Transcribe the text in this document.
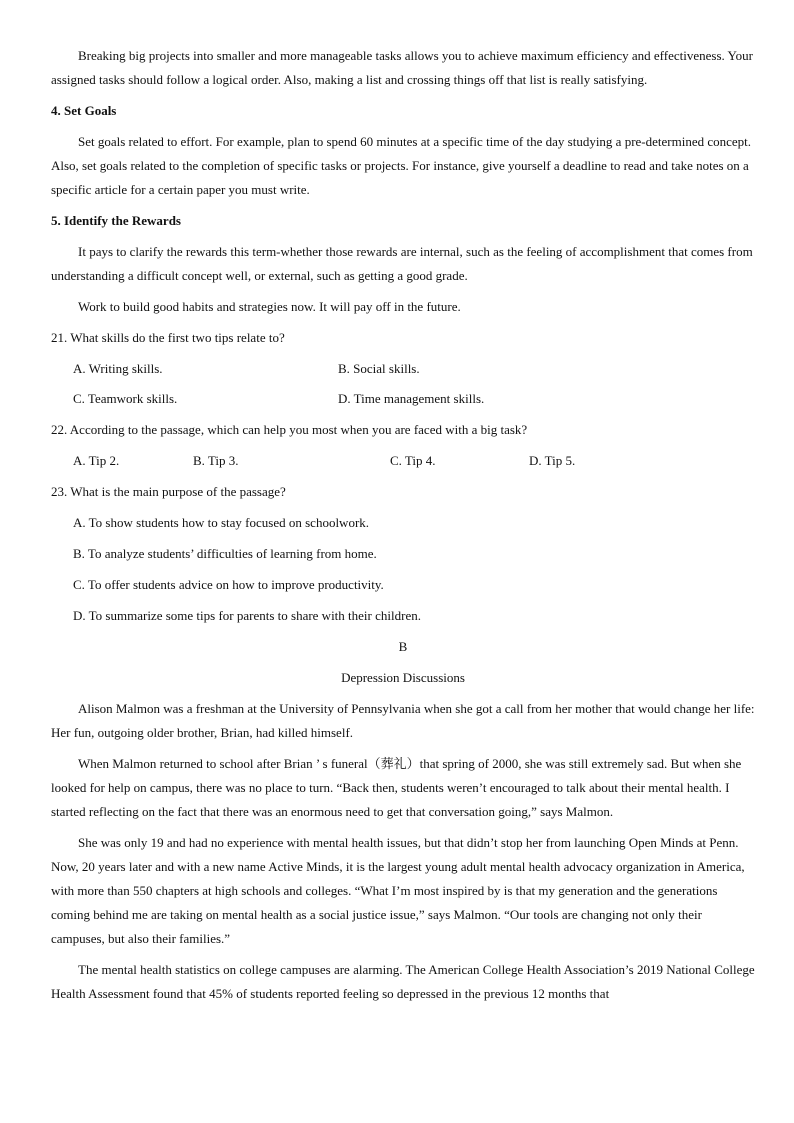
Breaking big projects into smaller and more manageable tasks allows you to achieve maximum efficiency and effectiveness. Your assigned tasks should follow a logical order. Also, making a list and crossing things off that list is really satisfying.

4. Set Goals

Set goals related to effort. For example, plan to spend 60 minutes at a specific time of the day studying a pre-determined concept. Also, set goals related to the completion of specific tasks or projects. For instance, give yourself a deadline to read and take notes on a specific article for a certain paper you must write.

5. Identify the Rewards

It pays to clarify the rewards this term-whether those rewards are internal, such as the feeling of accomplishment that comes from understanding a difficult concept well, or external, such as getting a good grade.

Work to build good habits and strategies now. It will pay off in the future.

21. What skills do the first two tips relate to?
A. Writing skills.	B. Social skills.
C. Teamwork skills.	D. Time management skills.
22. According to the passage, which can help you most when you are faced with a big task?
A. Tip 2.	B. Tip 3.	C. Tip 4.	D. Tip 5.
23. What is the main purpose of the passage?
A. To show students how to stay focused on schoolwork.
B. To analyze students’ difficulties of learning from home.
C. To offer students advice on how to improve productivity.
D. To summarize some tips for parents to share with their children.
B
Depression Discussions

Alison Malmon was a freshman at the University of Pennsylvania when she got a call from her mother that would change her life: Her fun, outgoing older brother, Brian, had killed himself.

When Malmon returned to school after Brian ’ s funeral（葬礼）that spring of 2000, she was still extremely sad. But when she looked for help on campus, there was no place to turn. “Back then, students weren’t encouraged to talk about their mental health. I started reflecting on the fact that there was an enormous need to get that conversation going,” says Malmon.

She was only 19 and had no experience with mental health issues, but that didn’t stop her from launching Open Minds at Penn. Now, 20 years later and with a new name Active Minds, it is the largest young adult mental health advocacy organization in America, with more than 550 chapters at high schools and colleges. “What I’m most inspired by is that my generation and the generations coming behind me are taking on mental health as a social justice issue,” says Malmon. “Our tools are changing not only their campuses, but also their families.”

The mental health statistics on college campuses are alarming. The American College Health Association’s 2019 National College Health Assessment found that 45% of students reported feeling so depressed in the previous 12 months that
